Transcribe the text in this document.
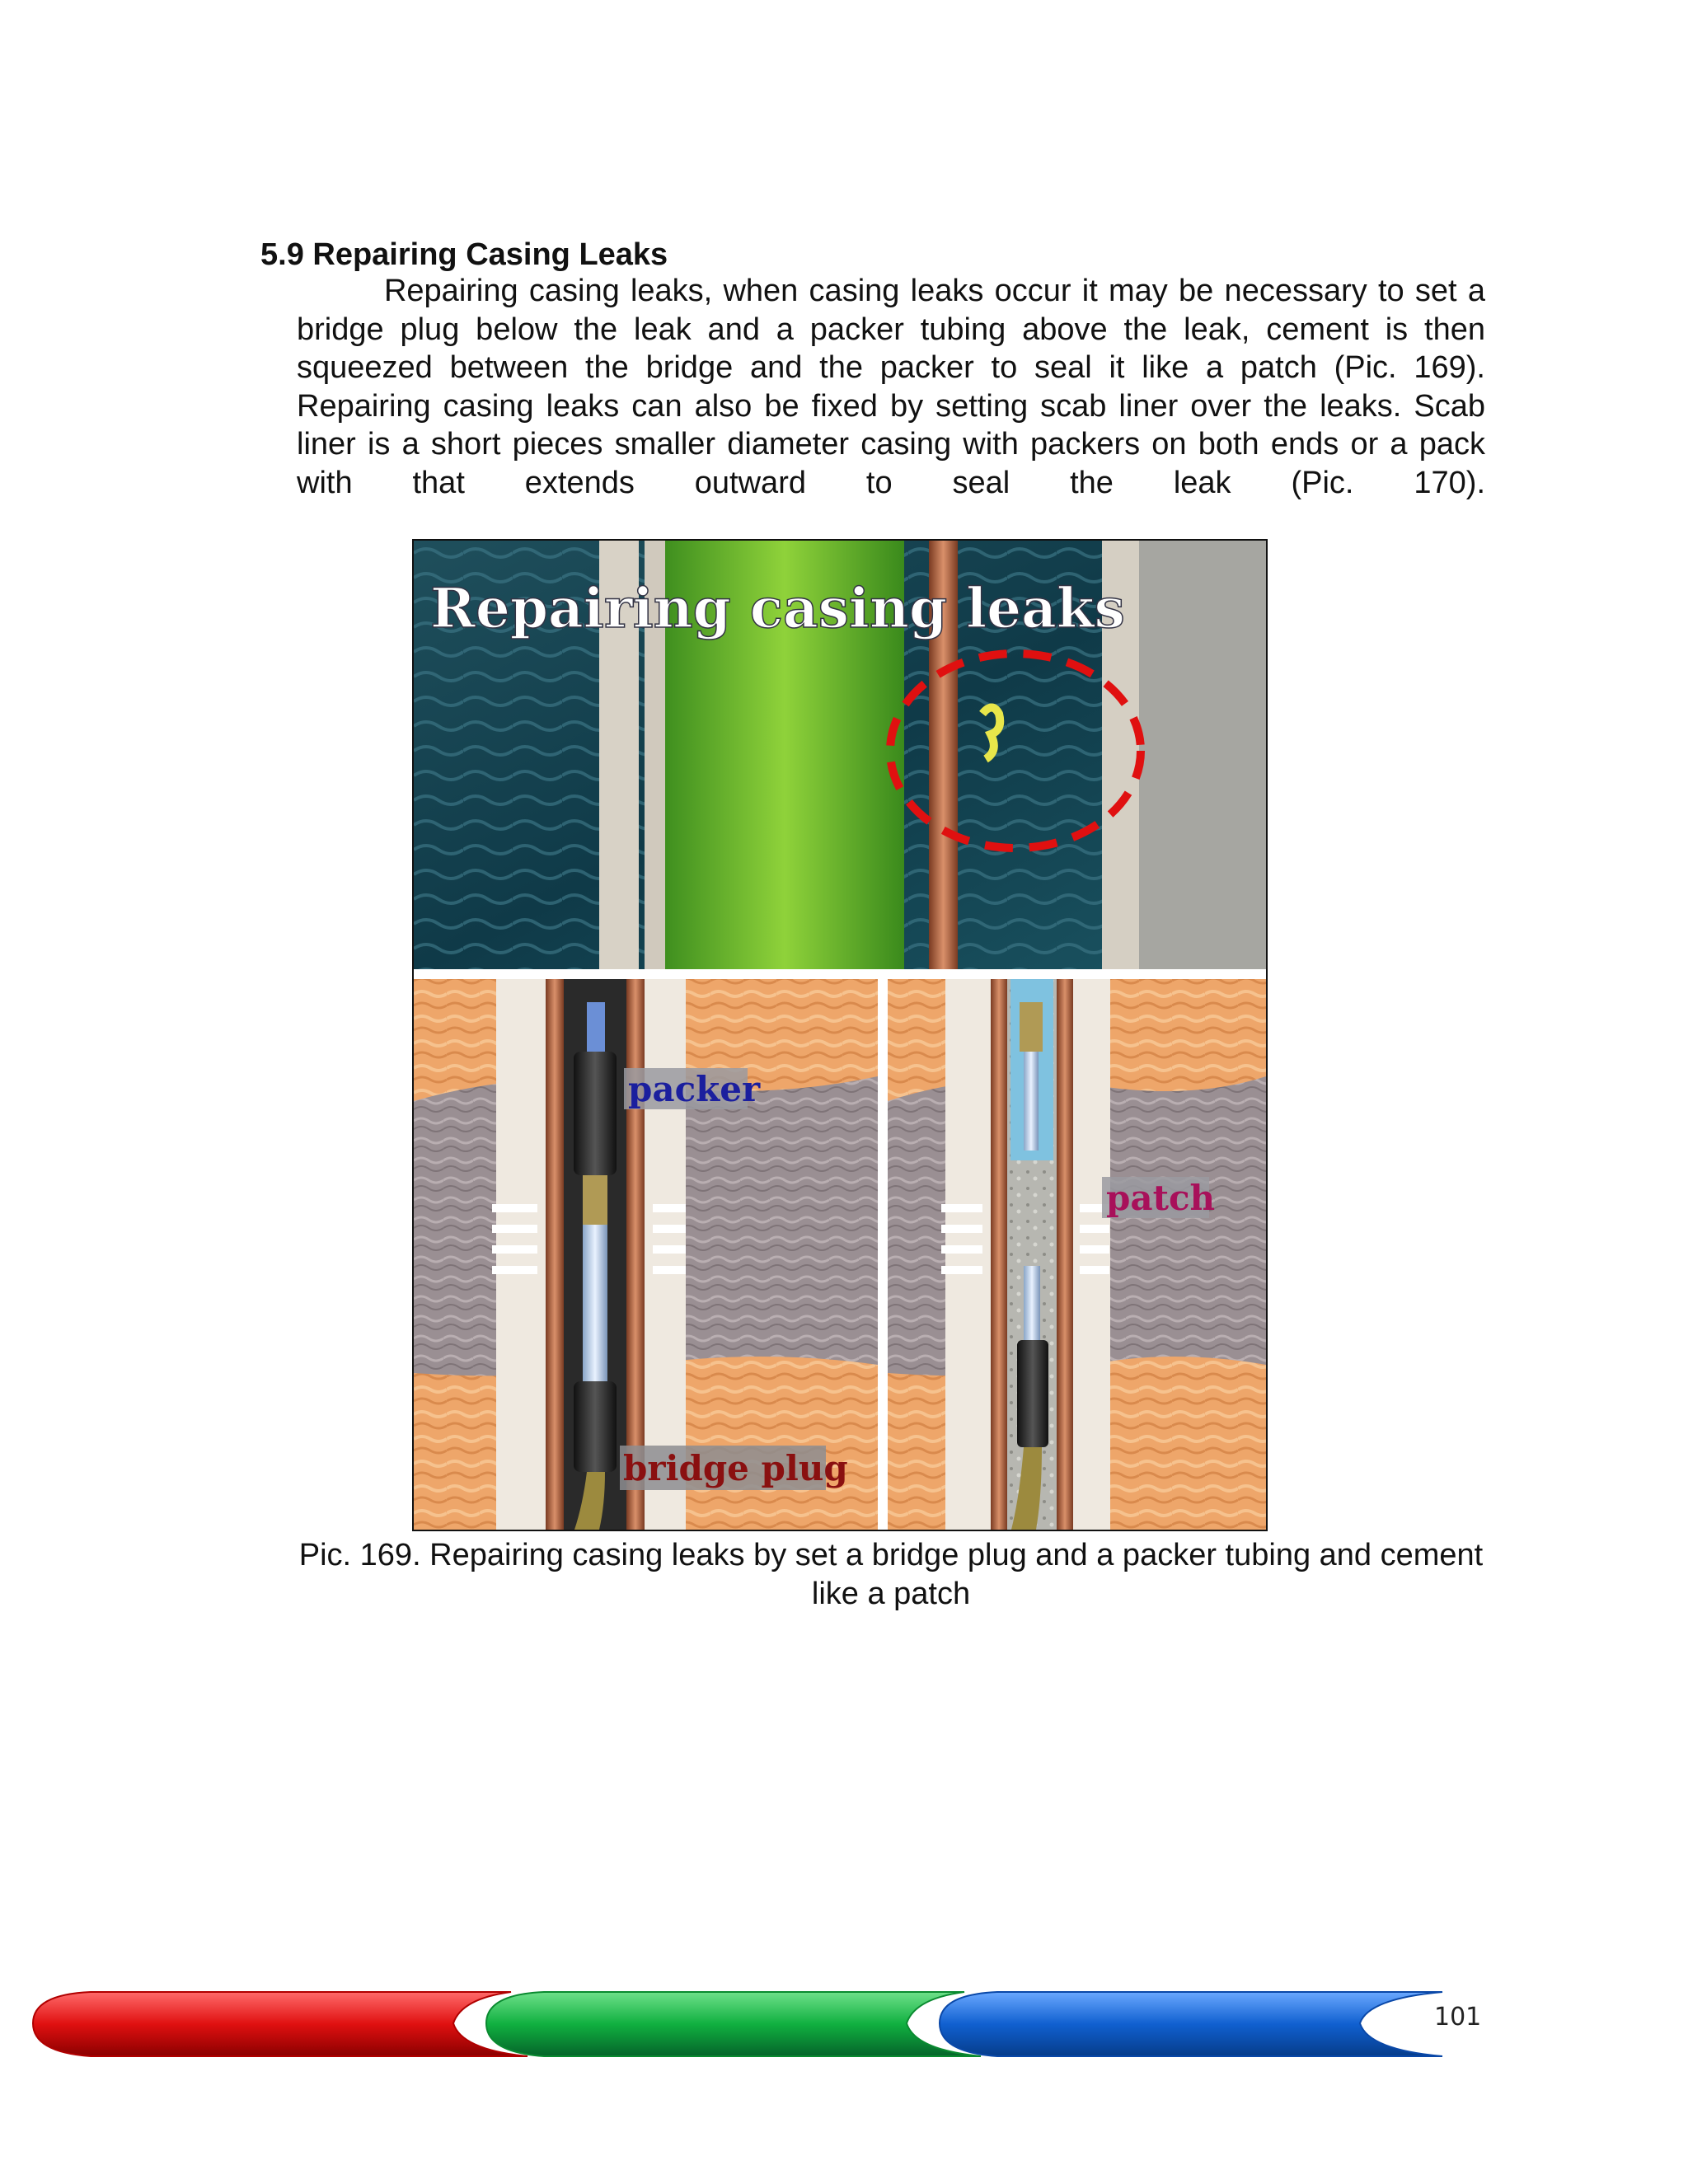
5.9 Repairing Casing Leaks

Repairing casing leaks, when casing leaks occur it may be necessary to set a bridge plug below the leak and a packer tubing above the leak, cement is then squeezed between the bridge and the packer to seal it like a patch (Pic. 169). Repairing casing leaks can also be fixed by setting scab liner over the leaks. Scab liner is a short pieces smaller diameter casing with packers on both ends or a pack with that extends outward to seal the leak (Pic. 170).

Repairing casing leaks
packer
bridge plug
patch

Pic. 169. Repairing casing leaks by set a bridge plug and a packer tubing and cement like a patch

101
